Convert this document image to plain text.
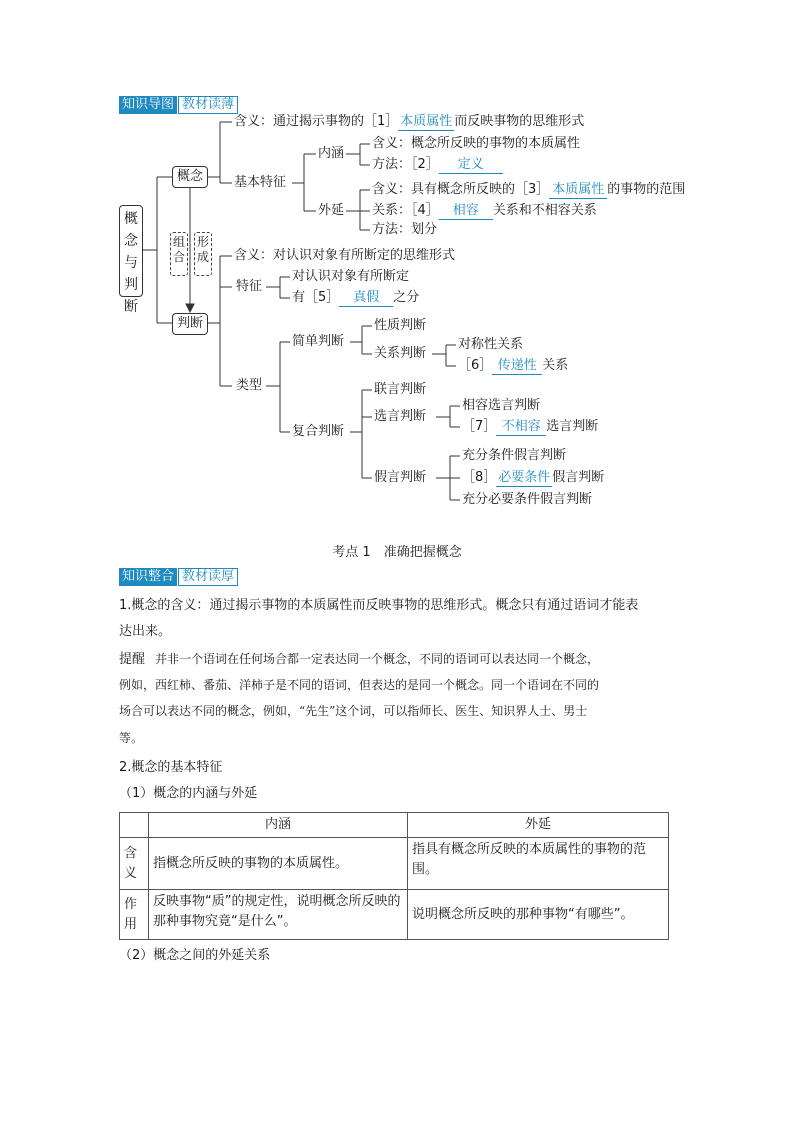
知识导图 教材读薄
概念与判断
概念
判断
组合
形成
含义：通过揭示事物的［1］ 本质属性 而反映事物的思维形式
基本特征
内涵
含义：概念所反映的事物的本质属性
方法：［2］ 定义
外延
含义：具有概念所反映的［3］ 本质属性 的事物的范围
关系：［4］ 相容 关系和不相容关系
方法：划分
含义：对认识对象有所断定的思维形式
特征
对认识对象有所断定
有［5］ 真假 之分
类型
简单判断
性质判断
关系判断
对称性关系
［6］ 传递性 关系
复合判断
联言判断
选言判断
相容选言判断
［7］ 不相容 选言判断
假言判断
充分条件假言判断
［8］ 必要条件 假言判断
充分必要条件假言判断
考点 1　准确把握概念
知识整合 教材读厚
1.概念的含义：通过揭示事物的本质属性而反映事物的思维形式。概念只有通过语词才能表
达出来。
提醒 并非一个语词在任何场合都一定表达同一个概念，不同的语词可以表达同一个概念，
例如，西红柿、番茄、洋柿子是不同的语词，但表达的是同一个概念。同一个语词在不同的
场合可以表达不同的概念，例如，“先生”这个词，可以指师长、医生、知识界人士、男士
等。
2.概念的基本特征
（1）概念的内涵与外延
	内涵	外延
含义	指概念所反映的事物的本质属性。	指具有概念所反映的本质属性的事物的范围。
作用	反映事物“质”的规定性，说明概念所反映的那种事物究竟“是什么”。	说明概念所反映的那种事物“有哪些”。
（2）概念之间的外延关系
